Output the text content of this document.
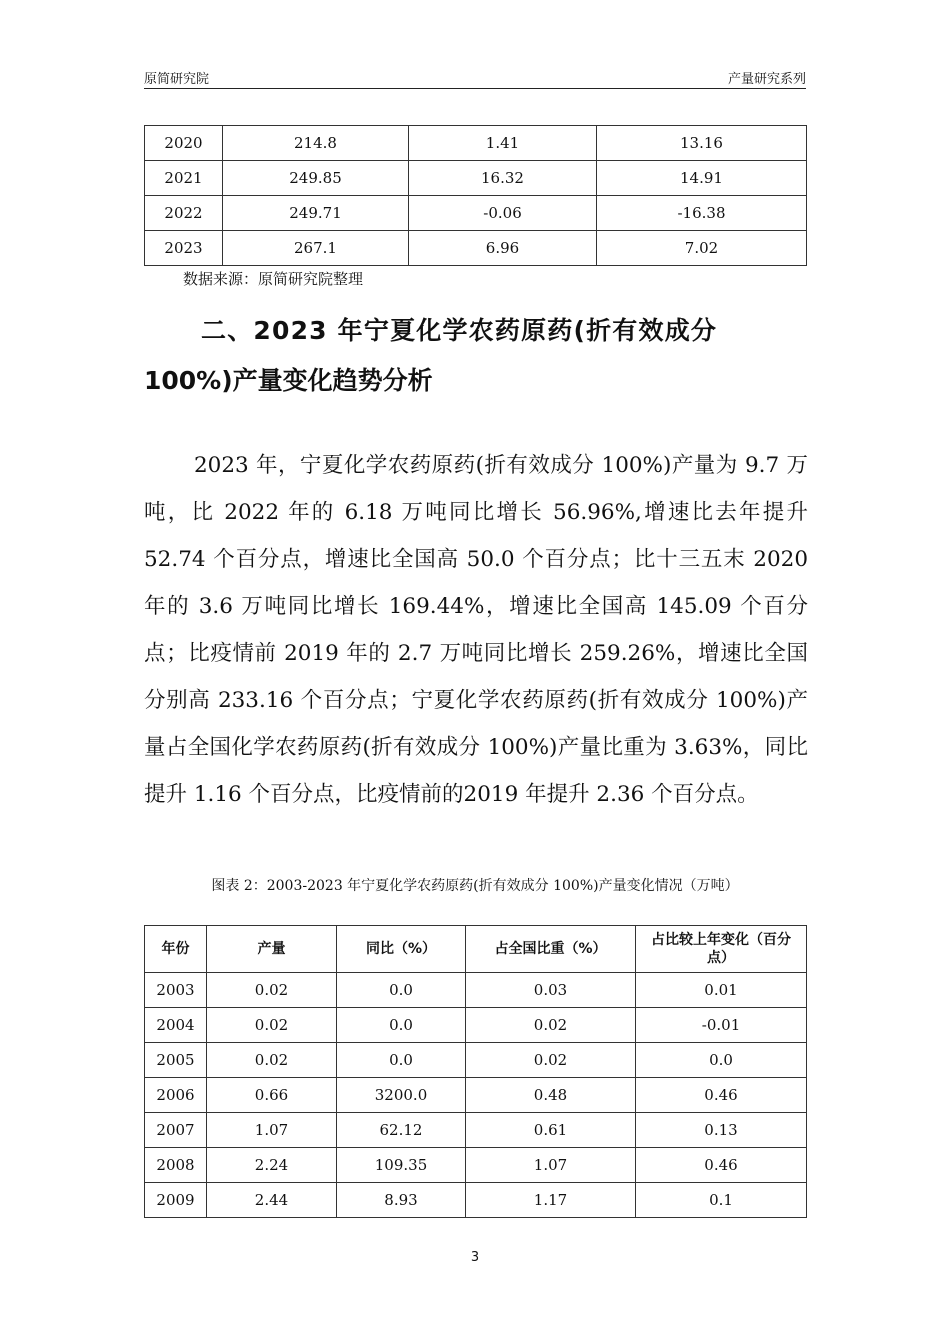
原简研究院	产量研究系列
2020	214.8	1.41	13.16
2021	249.85	16.32	14.91
2022	249.71	-0.06	-16.38
2023	267.1	6.96	7.02
数据来源：原简研究院整理
二、2023 年宁夏化学农药原药(折有效成分
100%)产量变化趋势分析

2023 年，宁夏化学农药原药(折有效成分 100%)产量为 9.7 万吨，比 2022 年的 6.18 万吨同比增长 56.96%,增速比去年提升 52.74 个百分点，增速比全国高 50.0 个百分点；比十三五末 2020 年的 3.6 万吨同比增长 169.44%，增速比全国高 145.09 个百分点；比疫情前 2019 年的 2.7 万吨同比增长 259.26%，增速比全国分别高 233.16 个百分点；宁夏化学农药原药(折有效成分 100%)产量占全国化学农药原药(折有效成分 100%)产量比重为 3.63%，同比提升 1.16 个百分点，比疫情前的2019 年提升 2.36 个百分点。

图表 2：2003-2023 年宁夏化学农药原药(折有效成分 100%)产量变化情况（万吨）
年份	产量	同比（%）	占全国比重（%）	占比较上年变化（百分点）
2003	0.02	0.0	0.03	0.01
2004	0.02	0.0	0.02	-0.01
2005	0.02	0.0	0.02	0.0
2006	0.66	3200.0	0.48	0.46
2007	1.07	62.12	0.61	0.13
2008	2.24	109.35	1.07	0.46
2009	2.44	8.93	1.17	0.1
3
